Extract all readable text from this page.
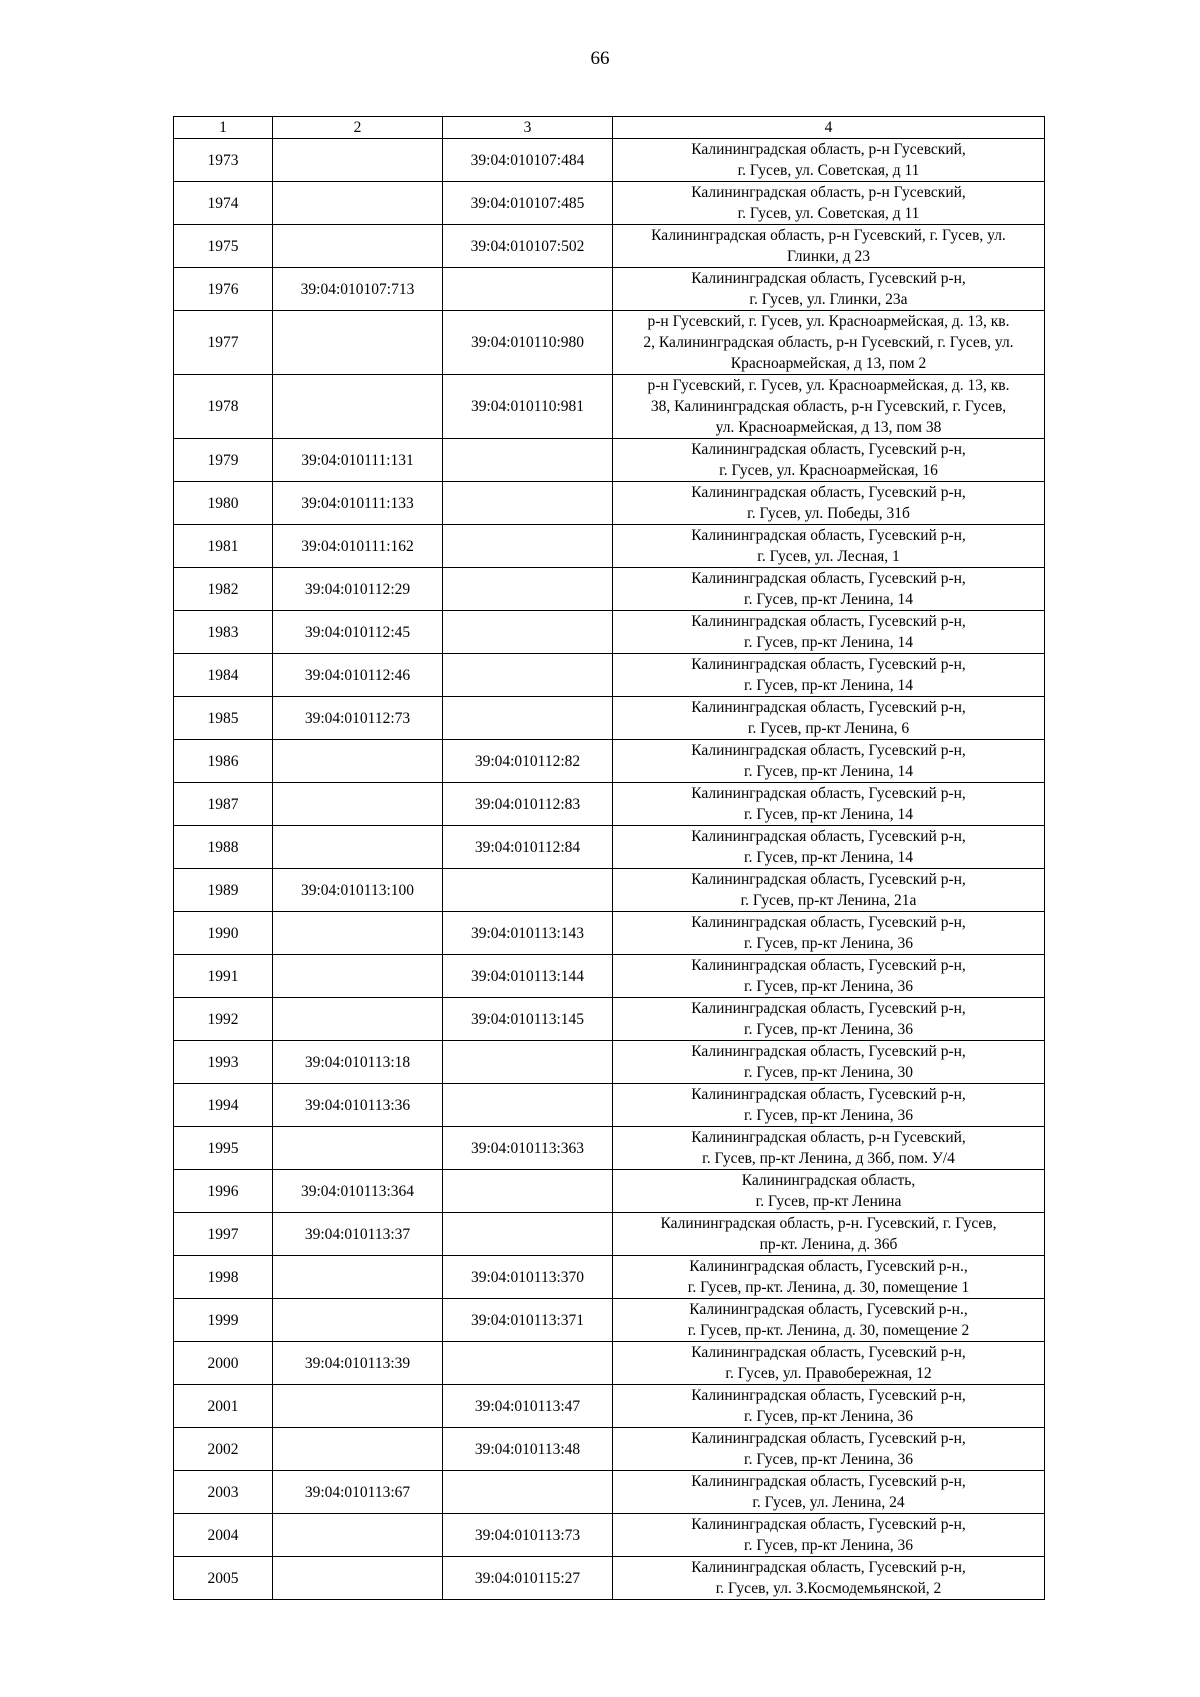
66
1	2	3	4
1973		39:04:010107:484	Калининградская область, р-н Гусевский,
г. Гусев, ул. Советская, д 11

1974		39:04:010107:485	Калининградская область, р-н Гусевский,
г. Гусев, ул. Советская, д 11

1975		39:04:010107:502	Калининградская область, р-н Гусевский, г. Гусев, ул.
Глинки, д 23

1976	39:04:010107:713		Калининградская область, Гусевский р-н,
г. Гусев, ул. Глинки, 23а

1977		39:04:010110:980	р-н Гусевский, г. Гусев, ул. Красноармейская, д. 13, кв.
2, Калининградская область, р-н Гусевский, г. Гусев, ул.
Красноармейская, д 13, пом 2

1978		39:04:010110:981	р-н Гусевский, г. Гусев, ул. Красноармейская, д. 13, кв.
38, Калининградская область, р-н Гусевский, г. Гусев,
ул. Красноармейская, д 13, пом 38

1979	39:04:010111:131		Калининградская область, Гусевский р-н,
г. Гусев, ул. Красноармейская, 16

1980	39:04:010111:133		Калининградская область, Гусевский р-н,
г. Гусев, ул. Победы, 31б

1981	39:04:010111:162		Калининградская область, Гусевский р-н,
г. Гусев, ул. Лесная, 1

1982	39:04:010112:29		Калининградская область, Гусевский р-н,
г. Гусев, пр-кт Ленина, 14

1983	39:04:010112:45		Калининградская область, Гусевский р-н,
г. Гусев, пр-кт Ленина, 14

1984	39:04:010112:46		Калининградская область, Гусевский р-н,
г. Гусев, пр-кт Ленина, 14

1985	39:04:010112:73		Калининградская область, Гусевский р-н,
г. Гусев, пр-кт Ленина, 6

1986		39:04:010112:82	Калининградская область, Гусевский р-н,
г. Гусев, пр-кт Ленина, 14

1987		39:04:010112:83	Калининградская область, Гусевский р-н,
г. Гусев, пр-кт Ленина, 14

1988		39:04:010112:84	Калининградская область, Гусевский р-н,
г. Гусев, пр-кт Ленина, 14

1989	39:04:010113:100		Калининградская область, Гусевский р-н,
г. Гусев, пр-кт Ленина, 21а

1990		39:04:010113:143	Калининградская область, Гусевский р-н,
г. Гусев, пр-кт Ленина, 36

1991		39:04:010113:144	Калининградская область, Гусевский р-н,
г. Гусев, пр-кт Ленина, 36

1992		39:04:010113:145	Калининградская область, Гусевский р-н,
г. Гусев, пр-кт Ленина, 36

1993	39:04:010113:18		Калининградская область, Гусевский р-н,
г. Гусев, пр-кт Ленина, 30

1994	39:04:010113:36		Калининградская область, Гусевский р-н,
г. Гусев, пр-кт Ленина, 36

1995		39:04:010113:363	Калининградская область, р-н Гусевский,
г. Гусев, пр-кт Ленина, д 36б, пом. У/4

1996	39:04:010113:364		Калининградская область,
г. Гусев, пр-кт Ленина

1997	39:04:010113:37		Калининградская область, р-н. Гусевский, г. Гусев,
пр-кт. Ленина, д. 36б

1998		39:04:010113:370	Калининградская область, Гусевский р-н.,
г. Гусев, пр-кт. Ленина, д. 30, помещение 1

1999		39:04:010113:371	Калининградская область, Гусевский р-н.,
г. Гусев, пр-кт. Ленина, д. 30, помещение 2

2000	39:04:010113:39		Калининградская область, Гусевский р-н,
г. Гусев, ул. Правобережная, 12

2001		39:04:010113:47	Калининградская область, Гусевский р-н,
г. Гусев, пр-кт Ленина, 36

2002		39:04:010113:48	Калининградская область, Гусевский р-н,
г. Гусев, пр-кт Ленина, 36

2003	39:04:010113:67		Калининградская область, Гусевский р-н,
г. Гусев, ул. Ленина, 24

2004		39:04:010113:73	Калининградская область, Гусевский р-н,
г. Гусев, пр-кт Ленина, 36

2005		39:04:010115:27	Калининградская область, Гусевский р-н,
г. Гусев, ул. З.Космодемьянской, 2
